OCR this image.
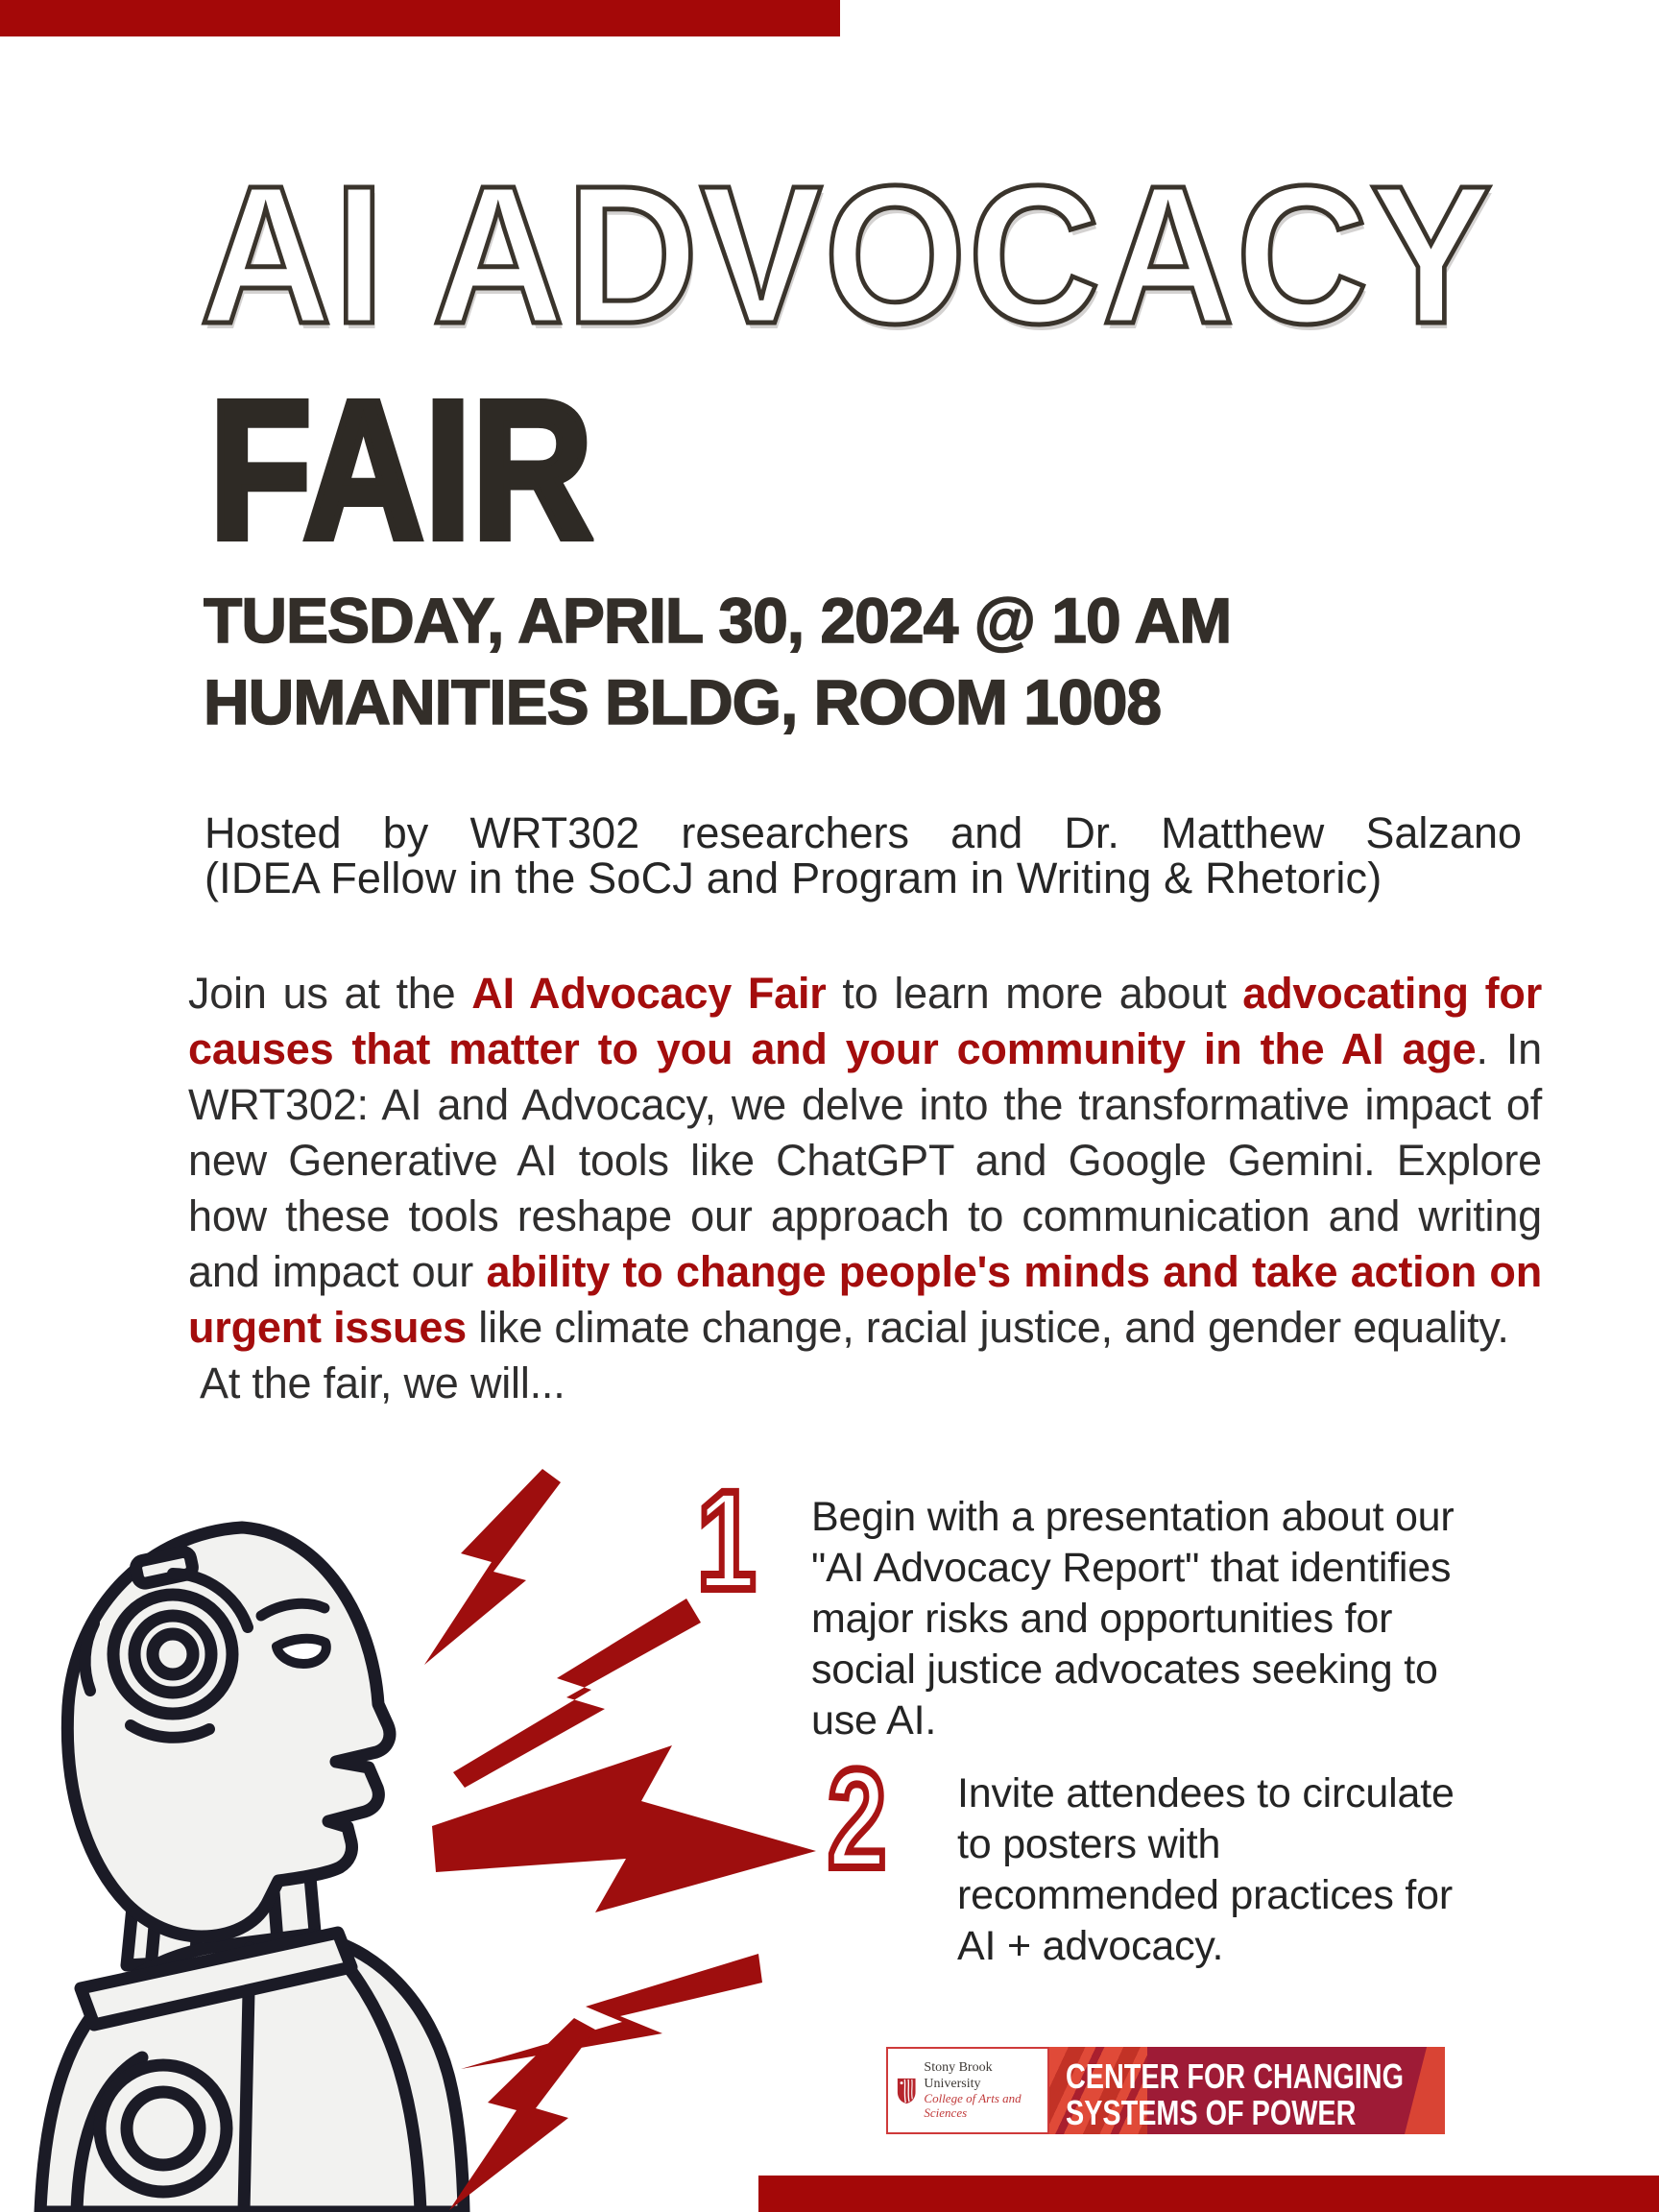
AI ADVOCACY
FAIR
TUESDAY, APRIL 30, 2024 @ 10 AM
HUMANITIES BLDG, ROOM 1008
Hosted by WRT302 researchers and Dr. Matthew Salzano
(IDEA Fellow in the SoCJ and Program in Writing & Rhetoric)
Join us at the AI Advocacy Fair to learn more about advocating for causes that matter to you and your community in the AI age. In WRT302: AI and Advocacy, we delve into the transformative impact of new Generative AI tools like ChatGPT and Google Gemini. Explore how these tools reshape our approach to communication and writing and impact our ability to change people's minds and take action on urgent issues like climate change, racial justice, and gender equality.
At the fair, we will...
1 Begin with a presentation about our "AI Advocacy Report" that identifies major risks and opportunities for social justice advocates seeking to use AI.
2 Invite attendees to circulate to posters with recommended practices for AI + advocacy.
Stony Brook University
College of Arts and Sciences
CENTER FOR CHANGING
SYSTEMS OF POWER
